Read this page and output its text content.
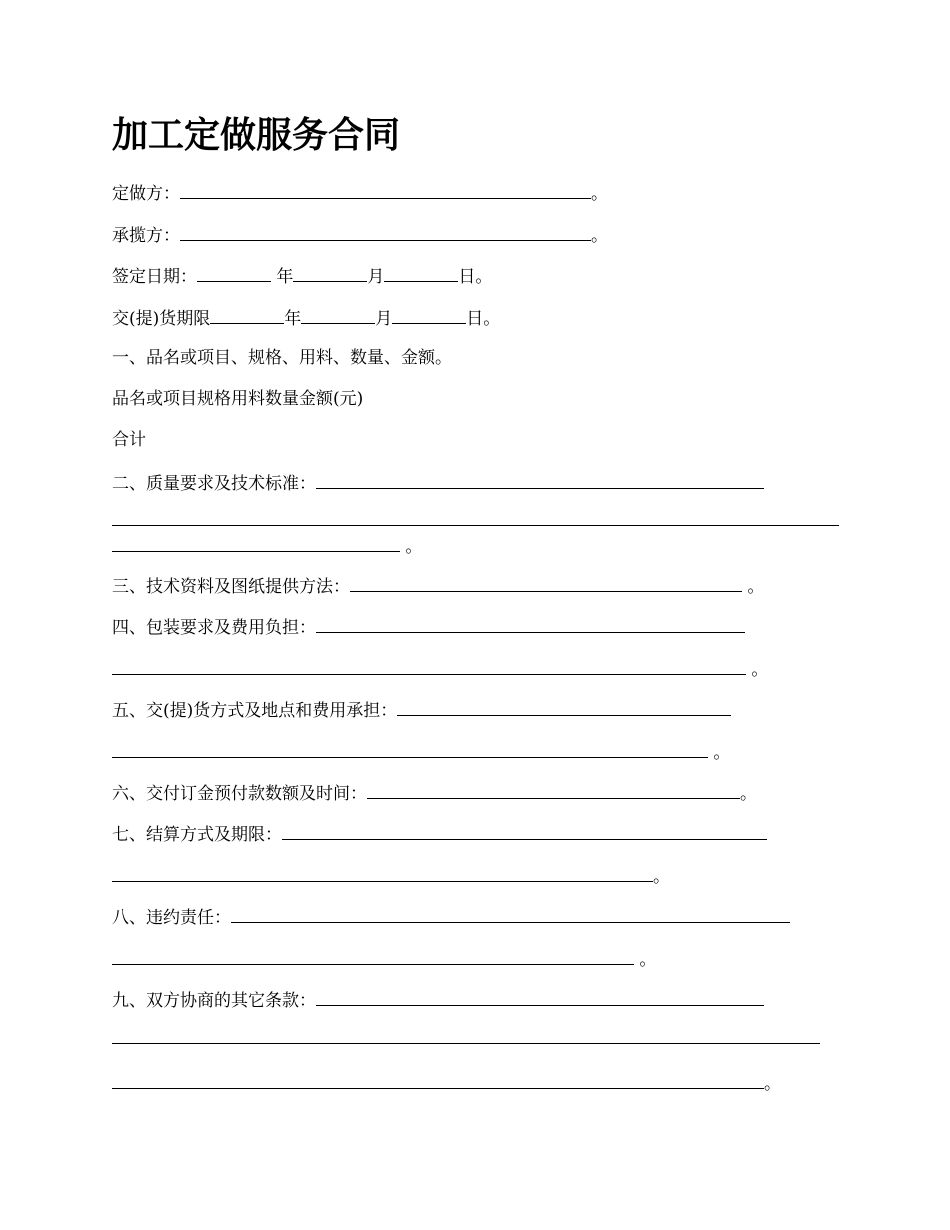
加工定做服务合同
定做方：	。
承揽方：	。
签定日期：	年	月	日。
交(提)货期限	年	月	日。
一、品名或项目、规格、用料、数量、金额。
品名或项目规格用料数量金额(元)
合计
二、质量要求及技术标准：
。
三、技术资料及图纸提供方法：	。
四、包装要求及费用负担：
。
五、交(提)货方式及地点和费用承担：
。
六、交付订金预付款数额及时间：	。
七、结算方式及期限：
。
八、违约责任：
。
九、双方协商的其它条款：
。
